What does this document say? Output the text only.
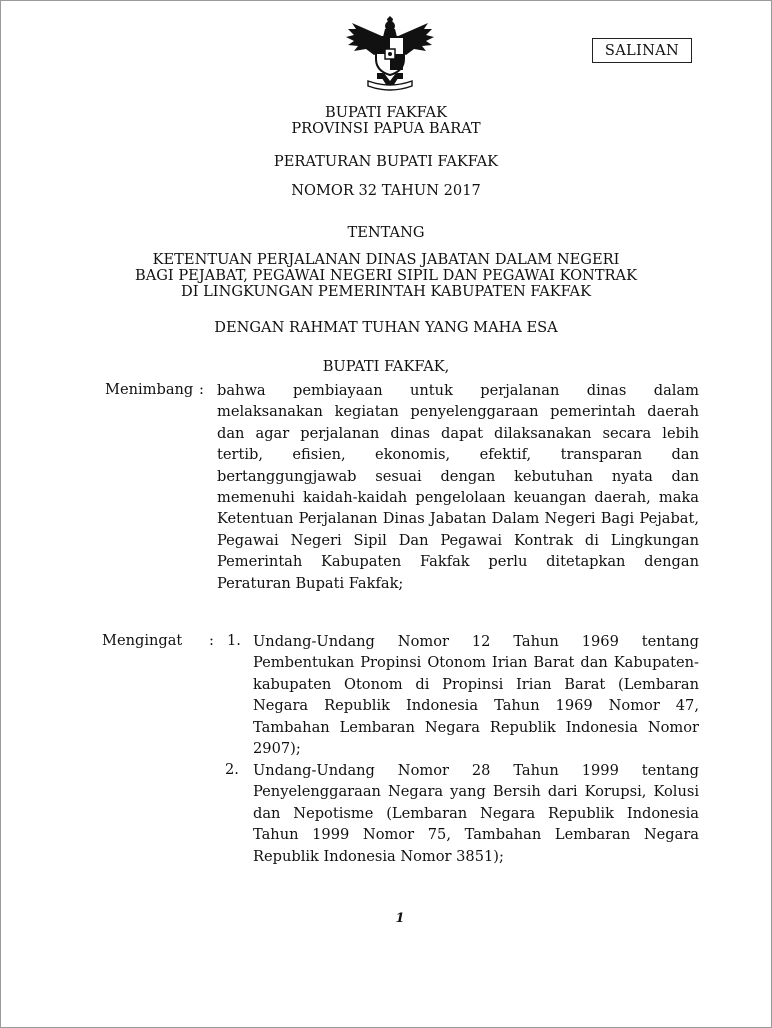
SALINAN
BUPATI FAKFAK
PROVINSI PAPUA BARAT
PERATURAN BUPATI FAKFAK
NOMOR 32 TAHUN 2017
TENTANG
KETENTUAN PERJALANAN DINAS JABATAN DALAM NEGERI
BAGI PEJABAT, PEGAWAI NEGERI SIPIL DAN PEGAWAI KONTRAK
DI LINGKUNGAN PEMERINTAH KABUPATEN FAKFAK
DENGAN RAHMAT TUHAN YANG MAHA ESA
BUPATI FAKFAK,
Menimbang : bahwa pembiayaan untuk perjalanan dinas dalam
melaksanakan kegiatan penyelenggaraan pemerintah daerah
dan agar perjalanan dinas dapat dilaksanakan secara lebih
tertib, efisien, ekonomis, efektif, transparan dan
bertanggungjawab sesuai dengan kebutuhan nyata dan
memenuhi kaidah-kaidah pengelolaan keuangan daerah, maka
Ketentuan Perjalanan Dinas Jabatan Dalam Negeri Bagi Pejabat,
Pegawai Negeri Sipil Dan Pegawai Kontrak di Lingkungan
Pemerintah Kabupaten Fakfak perlu ditetapkan dengan
Peraturan Bupati Fakfak;
Mengingat : 1. Undang-Undang Nomor 12 Tahun 1969 tentang
Pembentukan Propinsi Otonom Irian Barat dan Kabupaten-
kabupaten Otonom di Propinsi Irian Barat (Lembaran
Negara Republik Indonesia Tahun 1969 Nomor 47,
Tambahan Lembaran Negara Republik Indonesia Nomor
2907);
2. Undang-Undang Nomor 28 Tahun 1999 tentang
Penyelenggaraan Negara yang Bersih dari Korupsi, Kolusi
dan Nepotisme (Lembaran Negara Republik Indonesia
Tahun 1999 Nomor 75, Tambahan Lembaran Negara
Republik Indonesia Nomor 3851);
1
